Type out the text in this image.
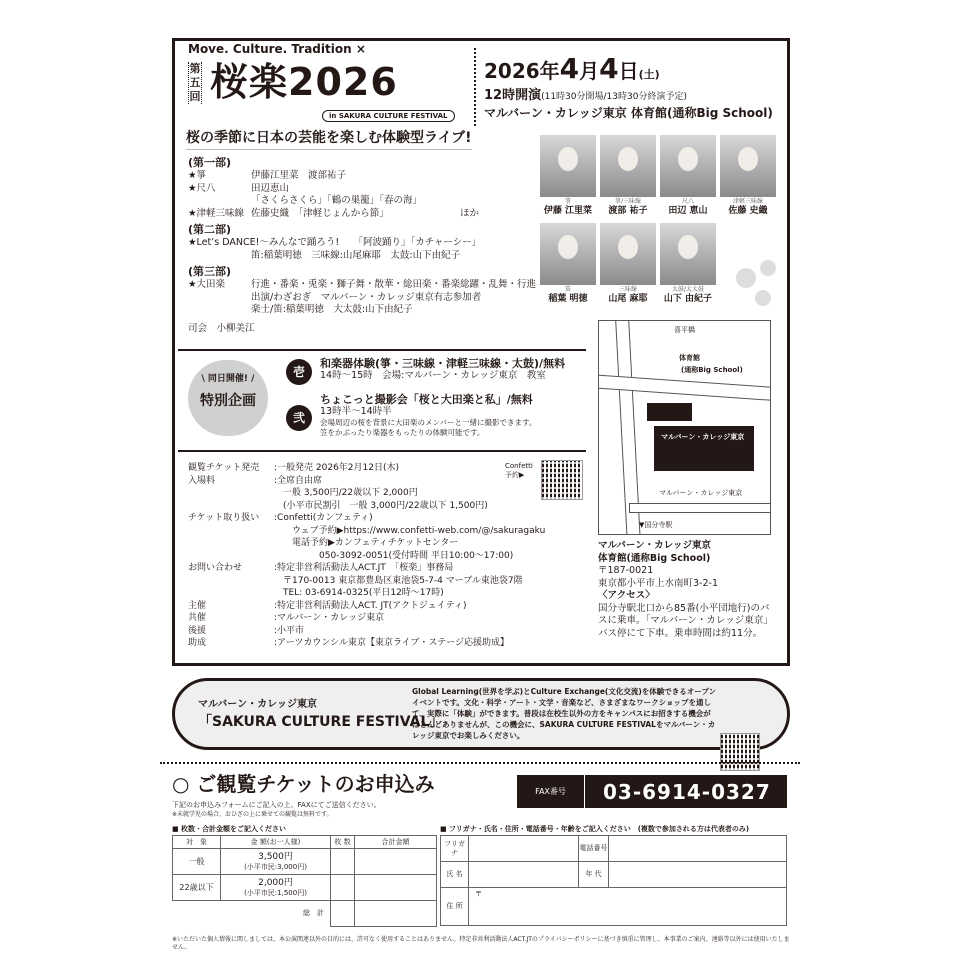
Move. Culture. Tradition ×
第五回 桜楽2026
in SAKURA CULTURE FESTIVAL
2026年4月4日(土)
12時開演(11時30分開場/13時30分終演予定)
マルバーン・カレッジ東京 体育館(通称Big School)
桜の季節に日本の芸能を楽しむ体験型ライブ!
(第一部)
★箏	伊藤江里菜　渡部祐子
★尺八	田辺恵山
「さくらさくら」「鶴の巣籠」「春の海」
★津軽三味線 佐藤史織　「津軽じょんから節」　　　　　　　　ほか
(第二部)
★Let’s DANCE!～みんなで踊ろう!　　「阿波踊り」「カチャーシー」
笛:稲葉明徳　三味線:山尾麻耶　太鼓:山下由紀子
(第三部)
★大田楽	行進・番楽・兎楽・獅子舞・散華・総田楽・番楽総躍・乱舞・行進
出演/わざおぎ　マルバーン・カレッジ東京有志参加者
楽士/笛:稲葉明徳　大太鼓:山下由紀子
司会　小柳美江
箏
伊藤 江里菜
箏/三味線
渡部 祐子
尺八
田辺 恵山
津軽三味線
佐藤 史織
笛
稲葉 明徳
三味線
山尾 麻耶
太鼓/大太鼓
山下 由紀子
\ 同日開催! /
特別企画
壱
和楽器体験(箏・三味線・津軽三味線・太鼓)/無料
14時～15時　会場:マルバーン・カレッジ東京　教室
弐
ちょこっと撮影会「桜と大田楽と私」/無料
13時半～14時半
会場周辺の桜を背景に大田楽のメンバーと一緒に撮影できます。
笠をかぶったり楽器をもったりの体験可能です。
観覧チケット発売	:一般発売 2026年2月12日(木)
入場料	:全席自由席
　一般 3,500円/22歳以下 2,000円
　(小平市民割引　一般 3,000円/22歳以下 1,500円)
チケット取り扱い	:Confetti(カンフェティ)
　　ウェブ予約▶https://www.confetti-web.com/@/sakuragaku
　　電話予約▶カンフェティチケットセンター
　　　　　050-3092-0051(受付時間 平日10:00～17:00)
お問い合わせ	:特定非営利活動法人ACT.JT　「桜楽」事務局
　〒170-0013 東京都豊島区東池袋5-7-4 マーブル東池袋7階
　TEL: 03-6914-0325(平日12時～17時)
主催	:特定非営利活動法人ACT. JT(アクトジェイティ)
共催	:マルバーン・カレッジ東京
後援	:小平市
助成	:アーツカウンシル東京【東京ライブ・ステージ応援助成】
Confetti
予約▶
体育館
(通称Big School)
マルバーン・カレッジ東京
喜平橋
マルバーン・カレッジ東京
▼国分寺駅
マルバーン・カレッジ東京
体育館(通称Big School)
〒187-0021
東京都小平市上水南町3-2-1
〈アクセス〉
国分寺駅北口から85番(小平団地行)のバスに乗車。「マルバーン・カレッジ東京」バス停にて下車。乗車時間は約11分。
マルバーン・カレッジ東京
「SAKURA CULTURE FESTIVAL」
Global Learning(世界を学ぶ)とCulture Exchange(文化交流)を体験できるオープンイベントです。文化・科学・アート・文学・音楽など、さまざまなワークショップを通して、実際に「体験」ができます。普段は在校生以外の方をキャンパスにお招きする機会がほとんどありませんが、この機会に、SAKURA CULTURE FESTIVALをマルバーン・カレッジ東京でお楽しみください。
○ ご観覧チケットのお申込み
下記のお申込みフォームにご記入の上、FAXにてご送信ください。
※未就学児の場合、おひざの上に乗せての観覧は無料です。
FAX番号	03-6914-0327
■ 枚数・合計金額をご記入ください	■ フリガナ・氏名・住所・電話番号・年齢をご記入ください　(複数で参加される方は代表者のみ)
対　象	金 額(お一人様)	枚 数	合計金額
一般	3,500円
(小平市民:3,000円)		

22歳以下	2,000円
(小平市民:1,500円)		

総　計			
フリガナ		電話番号	
氏 名		年 代	
住 所	〒		
※いただいた個人情報に関しましては、本公演関連以外の目的には、許可なく使用することはありません。特定非営利活動法人ACT.JTのプライバシーポリシーに基づき慎重に管理し、本事業のご案内、連絡等以外には使用いたしません。
